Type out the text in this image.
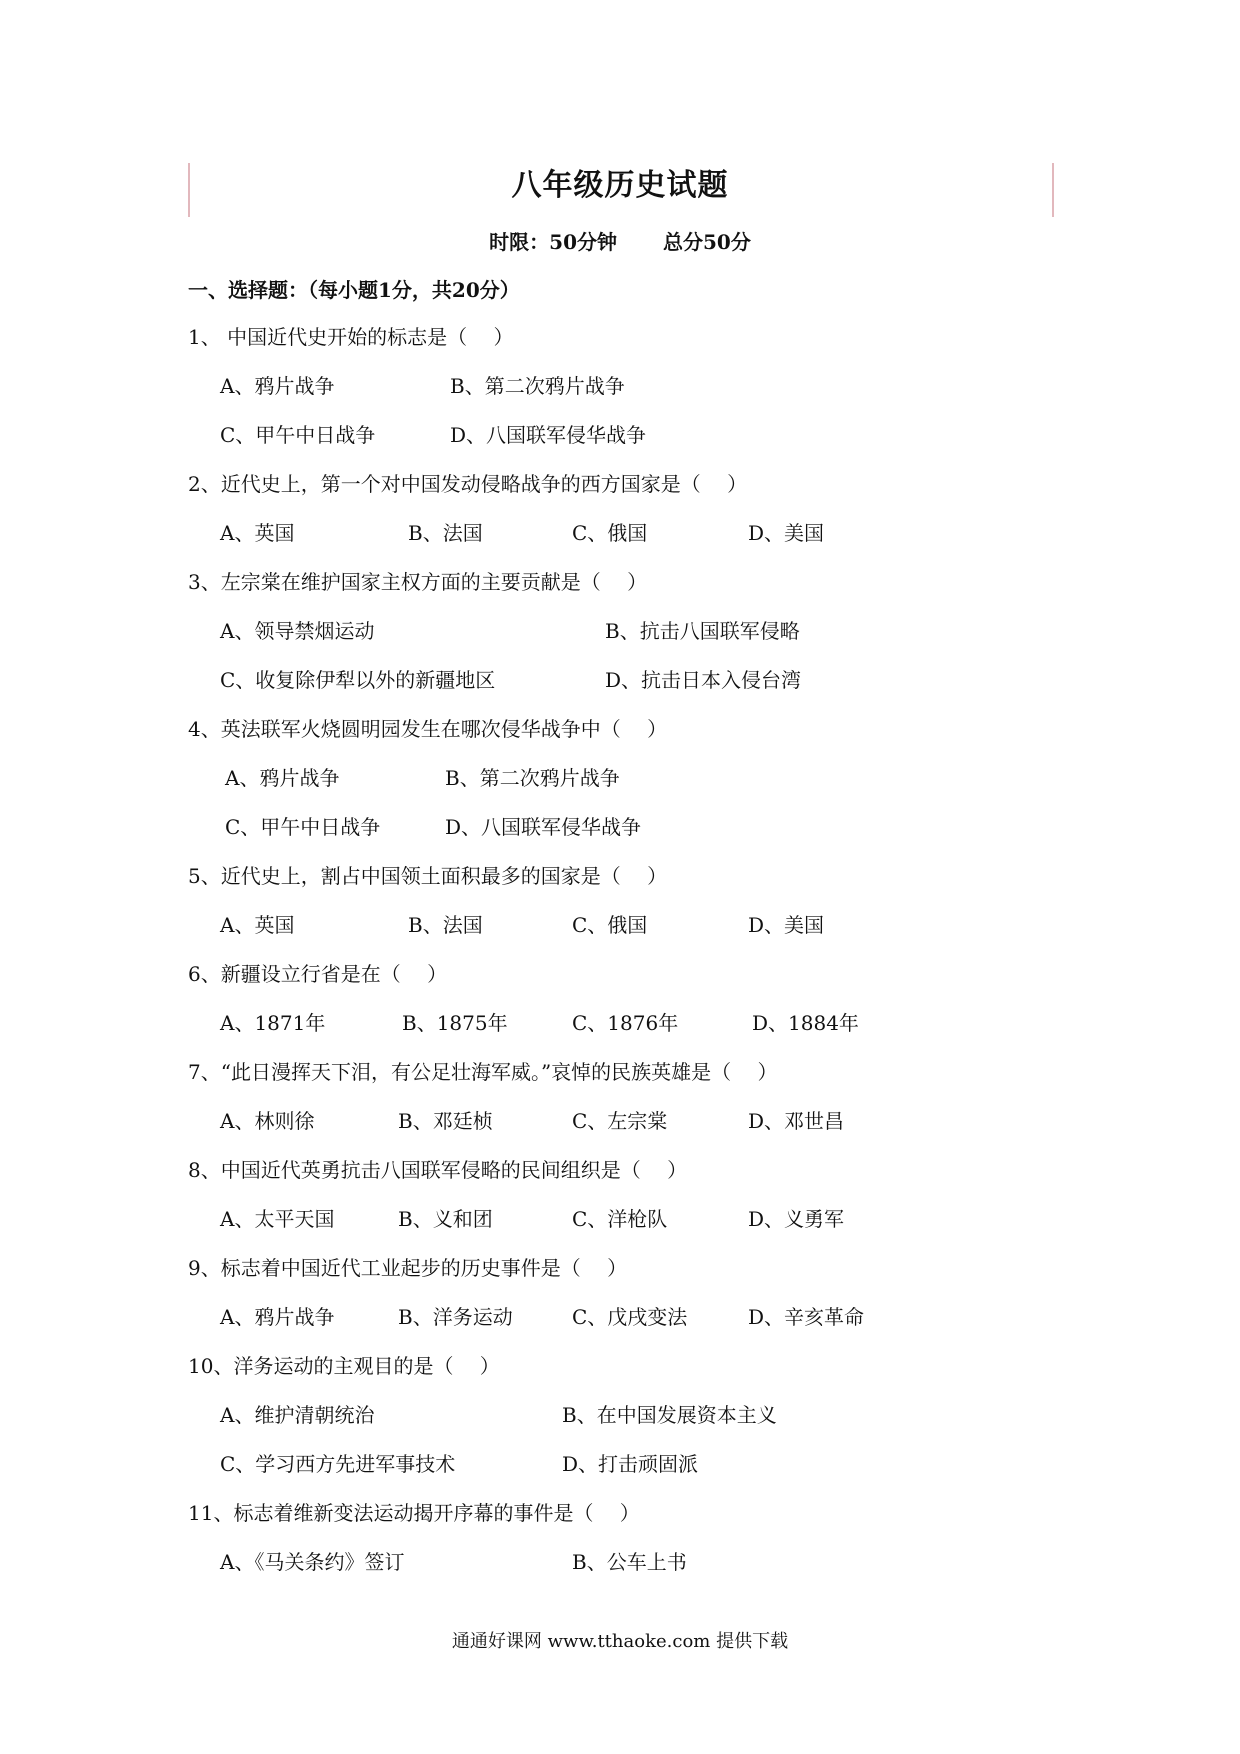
八年级历史试题
时限：50分钟 总分50分
一、选择题：（每小题1分，共20分）
1、 中国近代史开始的标志是（　 ）
A、鸦片战争	B、第二次鸦片战争
C、甲午中日战争	D、八国联军侵华战争
2、近代史上，第一个对中国发动侵略战争的西方国家是（　 ）
A、英国	B、法国	C、俄国	D、美国
3、左宗棠在维护国家主权方面的主要贡献是（　 ）
A、领导禁烟运动	B、抗击八国联军侵略
C、收复除伊犁以外的新疆地区	D、抗击日本入侵台湾
4、英法联军火烧圆明园发生在哪次侵华战争中（　 ）
A、鸦片战争	B、第二次鸦片战争
C、甲午中日战争	D、八国联军侵华战争
5、近代史上，割占中国领土面积最多的国家是（　 ）
A、英国	B、法国	C、俄国	D、美国
6、新疆设立行省是在（　 ）
A、1871年	B、1875年	C、1876年	D、1884年
7、“此日漫挥天下泪，有公足壮海军威。”哀悼的民族英雄是（　 ）
A、林则徐	B、邓廷桢	C、左宗棠	D、邓世昌
8、中国近代英勇抗击八国联军侵略的民间组织是（　 ）
A、太平天国	B、义和团	C、洋枪队	D、义勇军
9、标志着中国近代工业起步的历史事件是（　 ）
A、鸦片战争	B、洋务运动	C、戊戌变法	D、辛亥革命
10、洋务运动的主观目的是（　 ）
A、维护清朝统治	B、在中国发展资本主义
C、学习西方先进军事技术	D、打击顽固派
11、标志着维新变法运动揭开序幕的事件是（　 ）
A、《马关条约》签订	B、公车上书
通通好课网 www.tthaoke.com 提供下载
